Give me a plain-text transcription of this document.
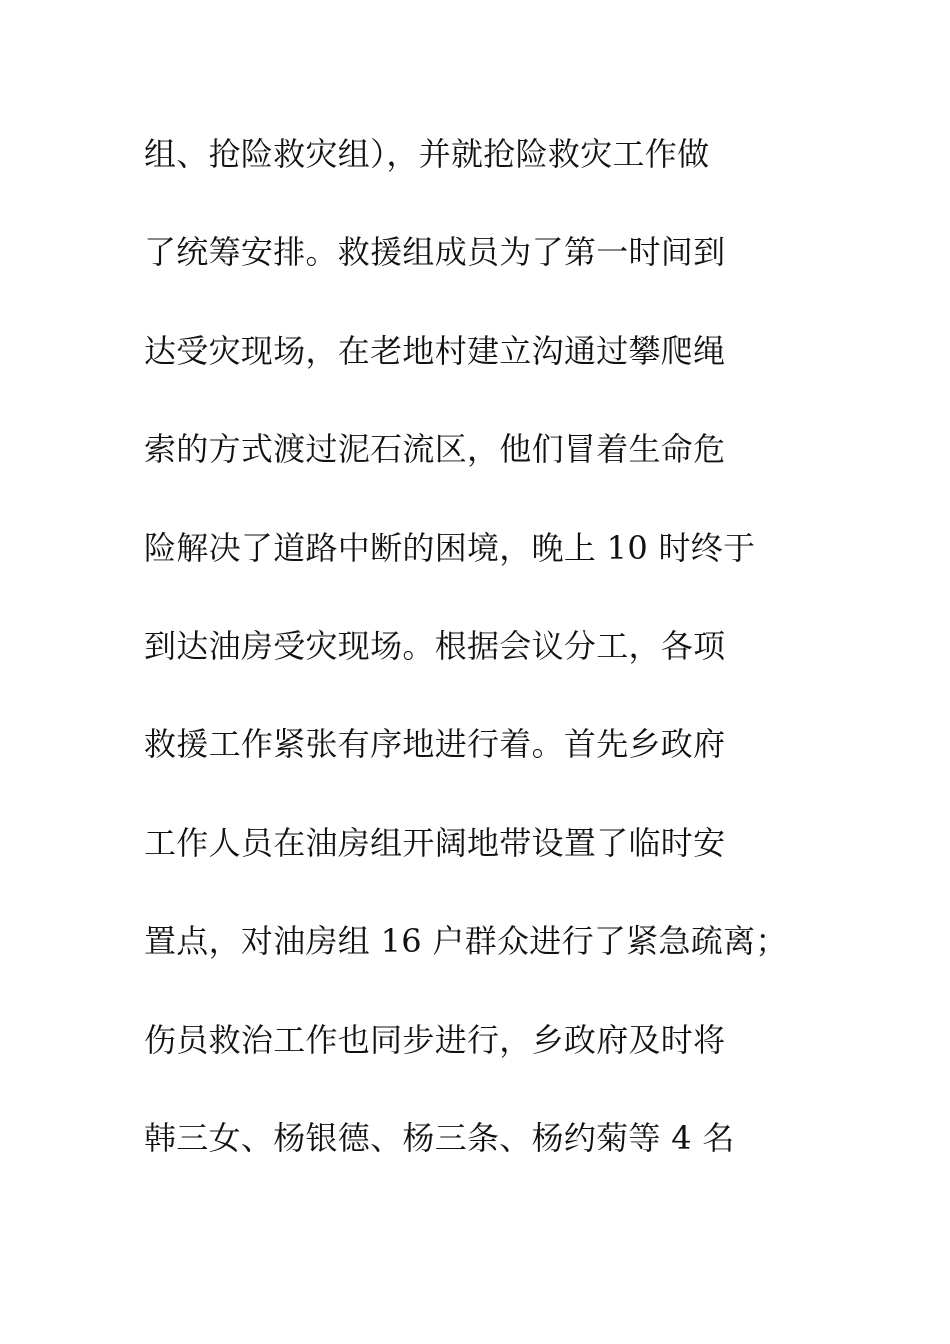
组、抢险救灾组），并就抢险救灾工作做
了统筹安排。救援组成员为了第一时间到
达受灾现场，在老地村建立沟通过攀爬绳
索的方式渡过泥石流区，他们冒着生命危
险解决了道路中断的困境，晚上 10 时终于
到达油房受灾现场。根据会议分工，各项
救援工作紧张有序地进行着。首先乡政府
工作人员在油房组开阔地带设置了临时安
置点，对油房组 16 户群众进行了紧急疏离；
伤员救治工作也同步进行，乡政府及时将
韩三女、杨银德、杨三条、杨约菊等 4 名
